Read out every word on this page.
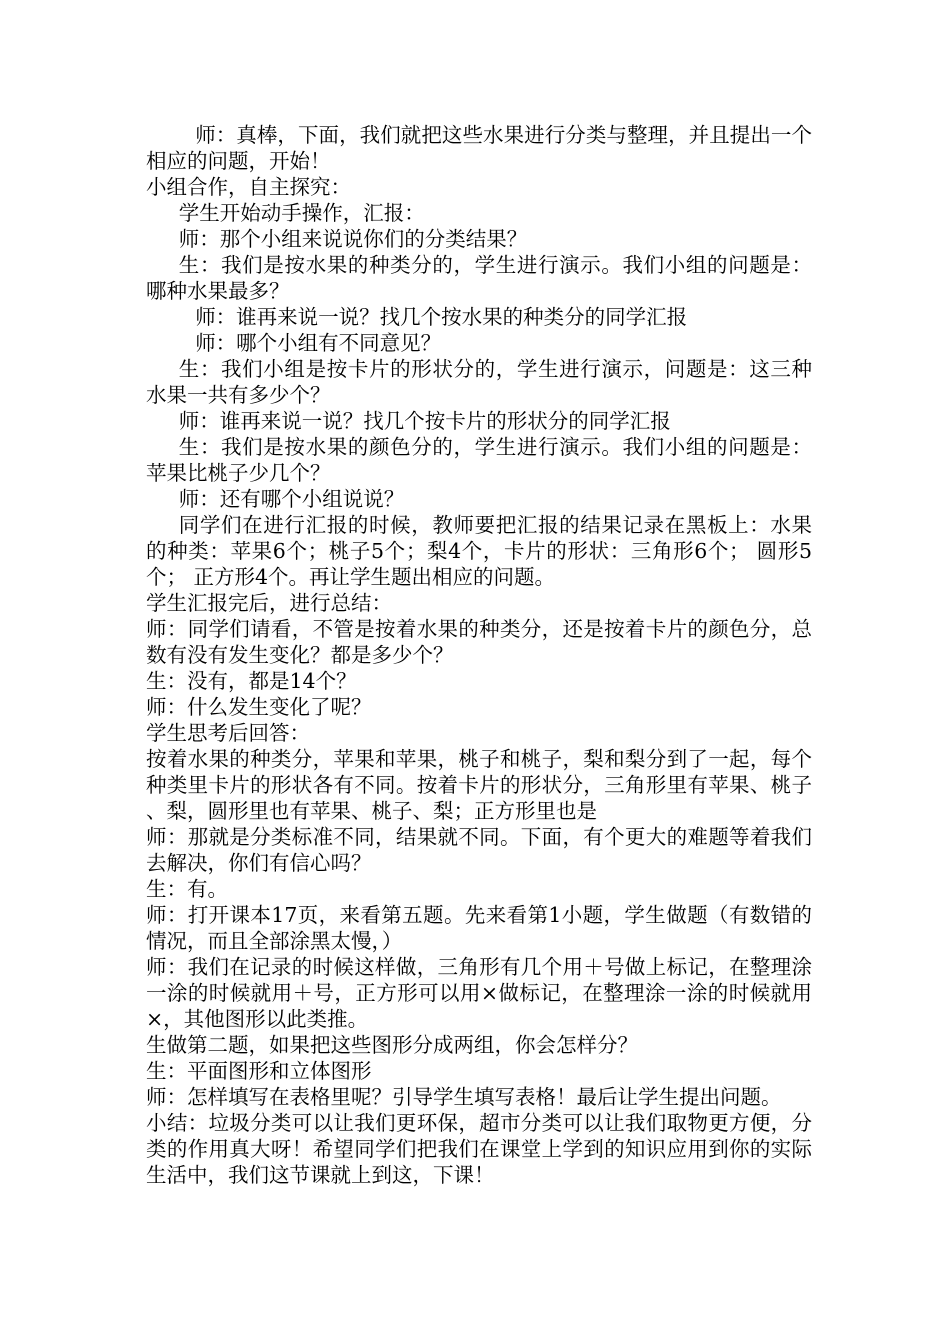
师：真棒，下面，我们就把这些水果进行分类与整理，并且提出一个相应的问题，开始！

小组合作，自主探究：

学生开始动手操作，汇报：

师：那个小组来说说你们的分类结果？

生：我们是按水果的种类分的，学生进行演示。我们小组的问题是：哪种水果最多？

师：谁再来说一说？找几个按水果的种类分的同学汇报

师：哪个小组有不同意见？

生：我们小组是按卡片的形状分的，学生进行演示，问题是：这三种水果一共有多少个？

师：谁再来说一说？找几个按卡片的形状分的同学汇报

生：我们是按水果的颜色分的，学生进行演示。我们小组的问题是：苹果比桃子少几个？

师：还有哪个小组说说？

同学们在进行汇报的时候，教师要把汇报的结果记录在黑板上：水果的种类：苹果6个；桃子5个；梨4个，卡片的形状：三角形6个； 圆形5个； 正方形4个。再让学生题出相应的问题。

学生汇报完后，进行总结：

师：同学们请看，不管是按着水果的种类分，还是按着卡片的颜色分，总数有没有发生变化？都是多少个？

生：没有，都是14个？

师：什么发生变化了呢？

学生思考后回答：

按着水果的种类分，苹果和苹果，桃子和桃子，梨和梨分到了一起，每个种类里卡片的形状各有不同。按着卡片的形状分，三角形里有苹果、桃子、梨，圆形里也有苹果、桃子、梨；正方形里也是

师：那就是分类标准不同，结果就不同。下面，有个更大的难题等着我们去解决，你们有信心吗？

生：有。

师：打开课本17页，来看第五题。先来看第1小题，学生做题（有数错的情况，而且全部涂黑太慢，）

师：我们在记录的时候这样做，三角形有几个用＋号做上标记，在整理涂一涂的时候就用＋号，正方形可以用×做标记，在整理涂一涂的时候就用×，其他图形以此类推。

生做第二题，如果把这些图形分成两组，你会怎样分？

生：平面图形和立体图形

师：怎样填写在表格里呢？引导学生填写表格！最后让学生提出问题。

小结：垃圾分类可以让我们更环保，超市分类可以让我们取物更方便，分类的作用真大呀！希望同学们把我们在课堂上学到的知识应用到你的实际生活中，我们这节课就上到这，下课！
